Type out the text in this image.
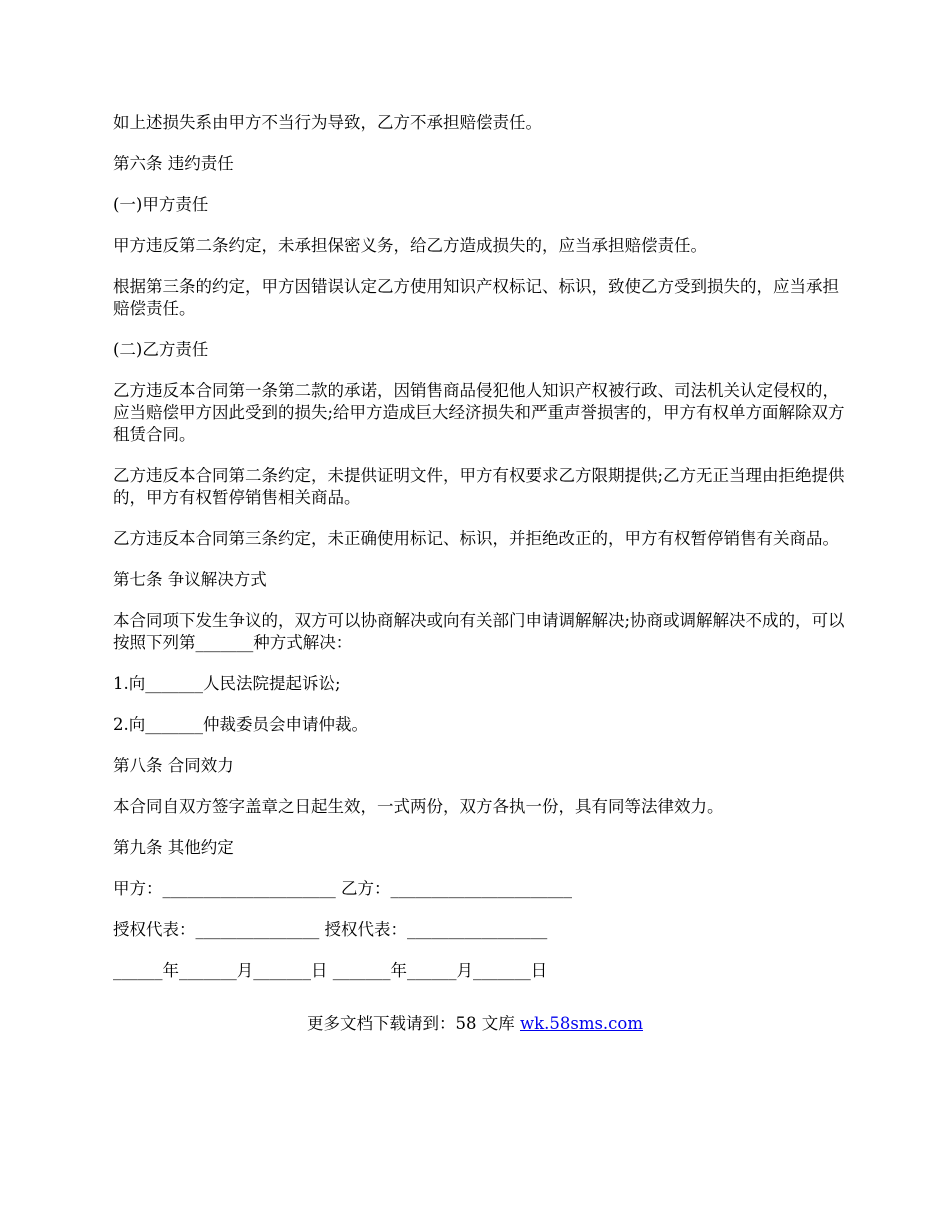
如上述损失系由甲方不当行为导致，乙方不承担赔偿责任。

第六条 违约责任

(一)甲方责任

甲方违反第二条约定，未承担保密义务，给乙方造成损失的，应当承担赔偿责任。

根据第三条的约定，甲方因错误认定乙方使用知识产权标记、标识，致使乙方受到损失的，应当承担赔偿责任。

(二)乙方责任

乙方违反本合同第一条第二款的承诺，因销售商品侵犯他人知识产权被行政、司法机关认定侵权的，应当赔偿甲方因此受到的损失;给甲方造成巨大经济损失和严重声誉损害的，甲方有权单方面解除双方租赁合同。

乙方违反本合同第二条约定，未提供证明文件，甲方有权要求乙方限期提供;乙方无正当理由拒绝提供的，甲方有权暂停销售相关商品。

乙方违反本合同第三条约定，未正确使用标记、标识，并拒绝改正的，甲方有权暂停销售有关商品。

第七条 争议解决方式

本合同项下发生争议的，双方可以协商解决或向有关部门申请调解解决;协商或调解解决不成的，可以按照下列第_______种方式解决：

1.向_______人民法院提起诉讼;

2.向_______仲裁委员会申请仲裁。

第八条 合同效力

本合同自双方签字盖章之日起生效，一式两份，双方各执一份，具有同等法律效力。

第九条 其他约定

甲方：_____________________ 乙方：______________________

授权代表：_______________ 授权代表：_________________

______年_______月_______日 _______年______月_______日

更多文档下载请到：58 文库 wk.58sms.com
